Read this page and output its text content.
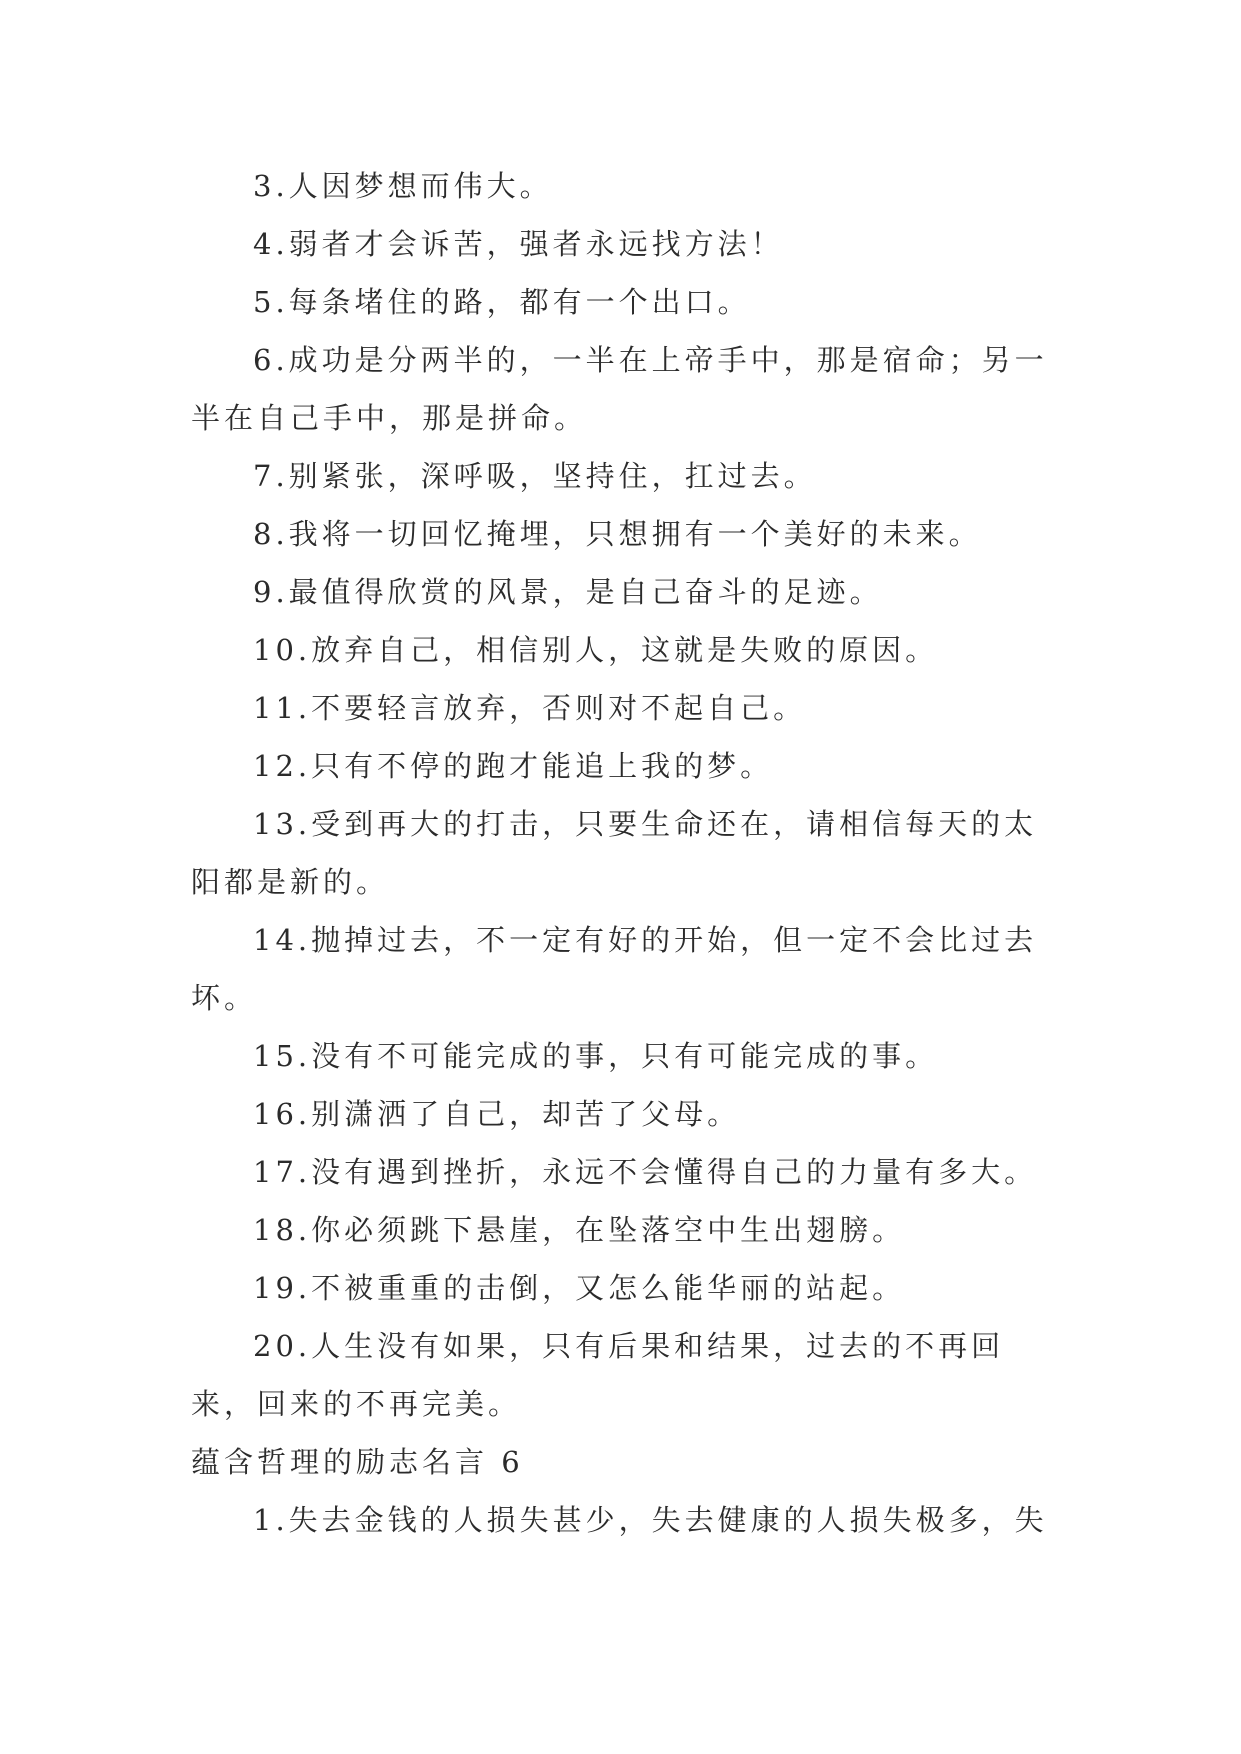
3.人因梦想而伟大。

4.弱者才会诉苦，强者永远找方法！

5.每条堵住的路，都有一个出口。

6.成功是分两半的，一半在上帝手中，那是宿命；另一半在自己手中，那是拼命。

7.别紧张，深呼吸，坚持住，扛过去。

8.我将一切回忆掩埋，只想拥有一个美好的未来。

9.最值得欣赏的风景，是自己奋斗的足迹。

10.放弃自己，相信别人，这就是失败的原因。

11.不要轻言放弃，否则对不起自己。

12.只有不停的跑才能追上我的梦。

13.受到再大的打击，只要生命还在，请相信每天的太阳都是新的。

14.抛掉过去，不一定有好的开始，但一定不会比过去坏。

15.没有不可能完成的事，只有可能完成的事。

16.别潇洒了自己，却苦了父母。

17.没有遇到挫折，永远不会懂得自己的力量有多大。

18.你必须跳下悬崖，在坠落空中生出翅膀。

19.不被重重的击倒，又怎么能华丽的站起。

20.人生没有如果，只有后果和结果，过去的不再回来，回来的不再完美。

蕴含哲理的励志名言 6

1.失去金钱的人损失甚少，失去健康的人损失极多，失
